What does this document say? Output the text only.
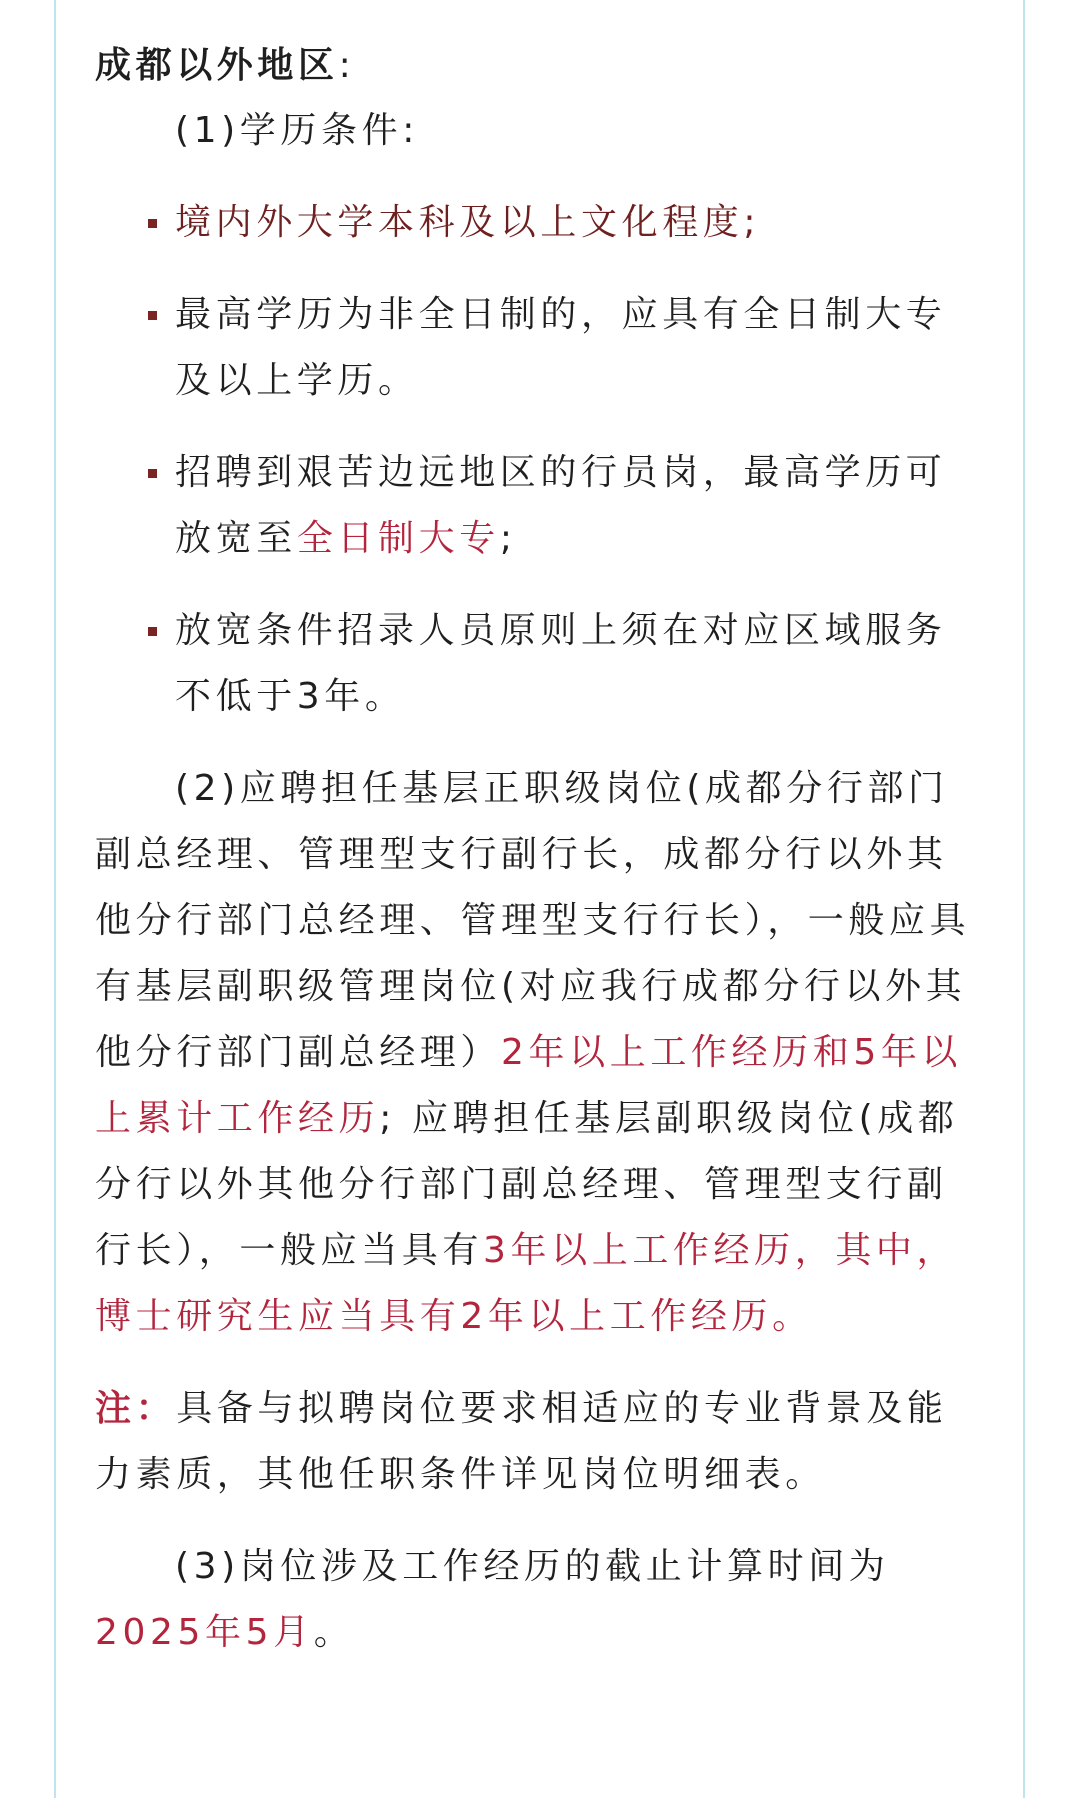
成都以外地区:

(1)学历条件:

境内外大学本科及以上文化程度;
最高学历为非全日制的，应具有全日制大专及以上学历。
招聘到艰苦边远地区的行员岗，最高学历可放宽至全日制大专;
放宽条件招录人员原则上须在对应区域服务不低于3年。

(2)应聘担任基层正职级岗位(成都分行部门副总经理、管理型支行副行长，成都分行以外其他分行部门总经理、管理型支行行长），一般应具有基层副职级管理岗位(对应我行成都分行以外其他分行部门副总经理）2年以上工作经历和5年以上累计工作经历; 应聘担任基层副职级岗位(成都分行以外其他分行部门副总经理、管理型支行副行长），一般应当具有3年以上工作经历，其中，博士研究生应当具有2年以上工作经历。

注：具备与拟聘岗位要求相适应的专业背景及能力素质，其他任职条件详见岗位明细表。

(3)岗位涉及工作经历的截止计算时间为2025年5月。
